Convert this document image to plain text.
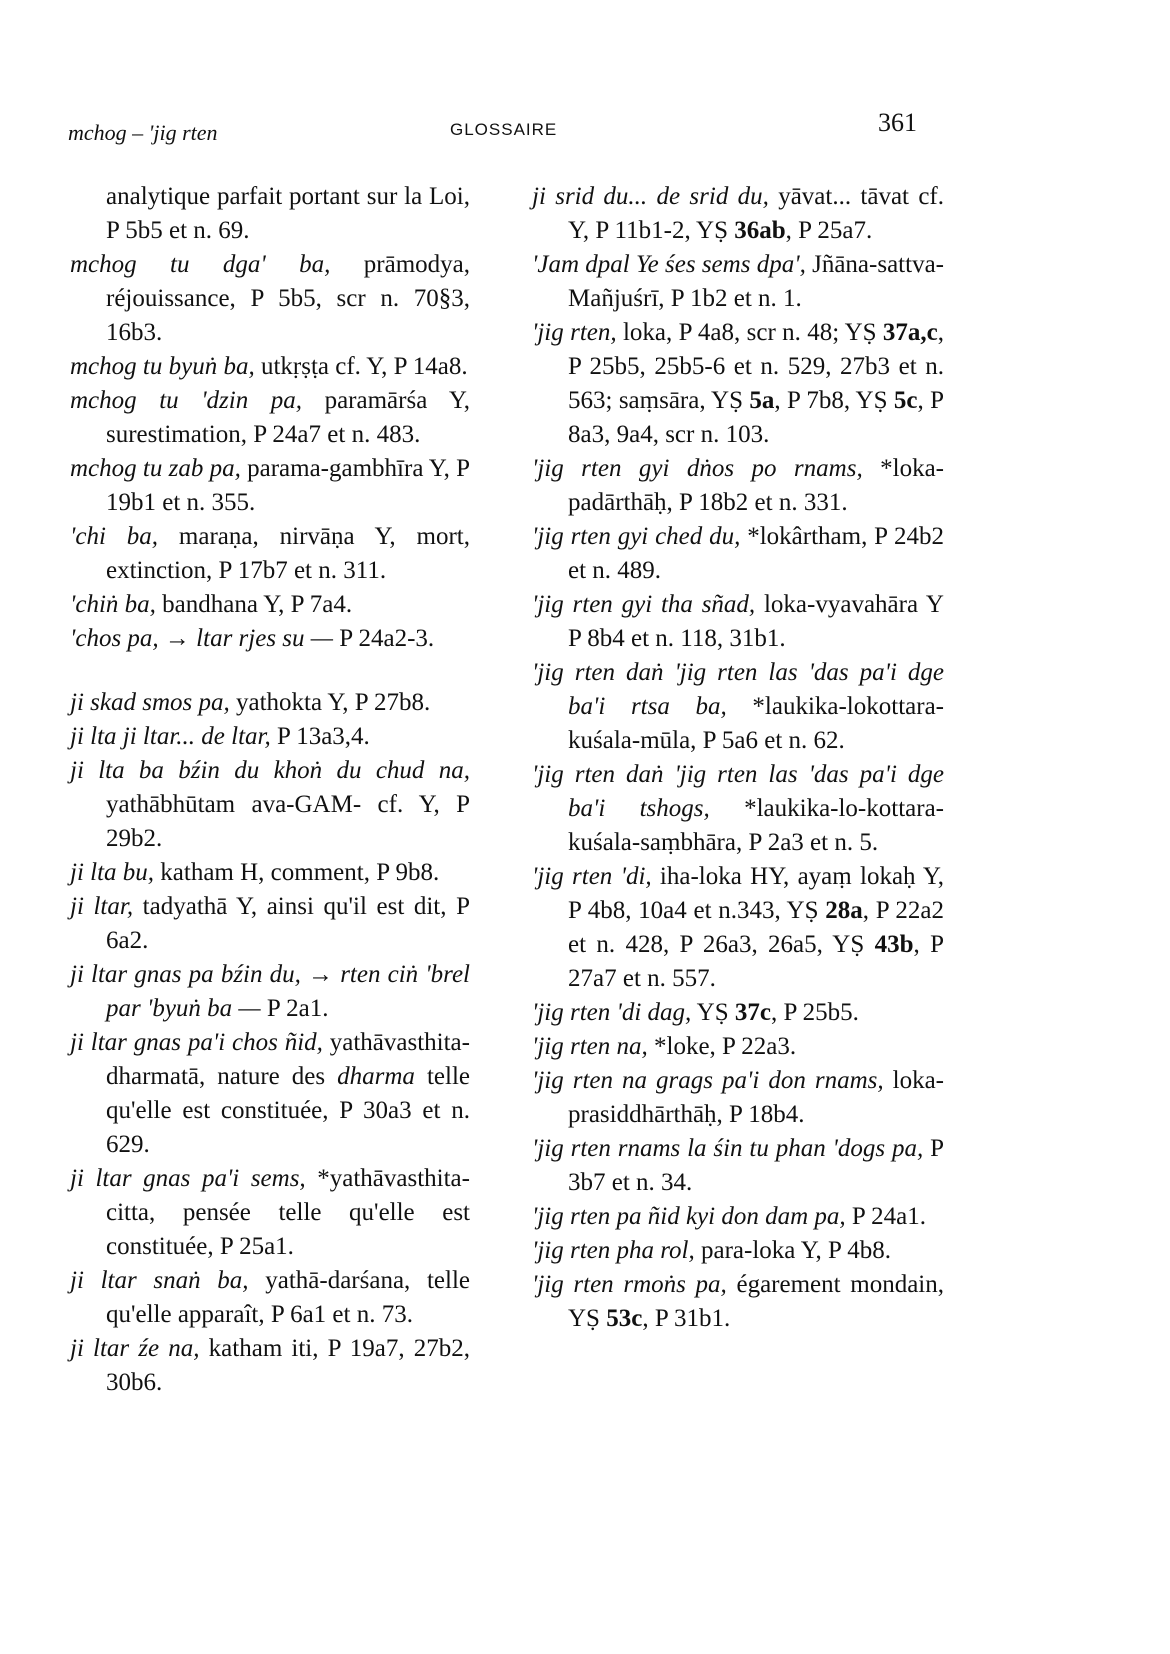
mchog – 'jig rten	GLOSSAIRE	361
analytique parfait portant sur la Loi, P 5b5 et n. 69.
mchog tu dga' ba, prāmodya, réjouissance, P 5b5, scr n. 70§3, 16b3.
mchog tu byuṅ ba, utkṛṣṭa cf. Y, P 14a8.
mchog tu 'dzin pa, paramārśa Y, surestimation, P 24a7 et n. 483.
mchog tu zab pa, parama-gambhīra Y, P 19b1 et n. 355.
'chi ba, maraṇa, nirvāṇa Y, mort, extinction, P 17b7 et n. 311.
'chiṅ ba, bandhana Y, P 7a4.
'chos pa, → ltar rjes su — P 24a2-3.
ji skad smos pa, yathokta Y, P 27b8.
ji lta ji ltar... de ltar, P 13a3,4.
ji lta ba bźin du khoṅ du chud na, yathābhūtam ava-GAM- cf. Y, P 29b2.
ji lta bu, katham H, comment, P 9b8.
ji ltar, tadyathā Y, ainsi qu'il est dit, P 6a2.
ji ltar gnas pa bźin du, → rten ciṅ 'brel par 'byuṅ ba — P 2a1.
ji ltar gnas pa'i chos ñid, yathāvasthita-dharmatā, nature des dharma telle qu'elle est constituée, P 30a3 et n. 629.
ji ltar gnas pa'i sems, *yathāvasthita-citta, pensée telle qu'elle est constituée, P 25a1.
ji ltar snaṅ ba, yathā-darśana, telle qu'elle apparaît, P 6a1 et n. 73.
ji ltar źe na, katham iti, P 19a7, 27b2, 30b6.
ji srid du... de srid du, yāvat... tāvat cf. Y, P 11b1-2, YṢ 36ab, P 25a7.
'Jam dpal Ye śes sems dpa', Jñāna-sattva-Mañjuśrī, P 1b2 et n. 1.
'jig rten, loka, P 4a8, scr n. 48; YṢ 37a,c, P 25b5, 25b5-6 et n. 529, 27b3 et n. 563; saṃsāra, YṢ 5a, P 7b8, YṢ 5c, P 8a3, 9a4, scr n. 103.
'jig rten gyi dṅos po rnams, *loka-padārthāḥ, P 18b2 et n. 331.
'jig rten gyi ched du, *lokârtham, P 24b2 et n. 489.
'jig rten gyi tha sñad, loka-vyavahāra Y P 8b4 et n. 118, 31b1.
'jig rten daṅ 'jig rten las 'das pa'i dge ba'i rtsa ba, *laukika-lokottara-kuśala-mūla, P 5a6 et n. 62.
'jig rten daṅ 'jig rten las 'das pa'i dge ba'i tshogs, *laukika-lo-kottara-kuśala-saṃbhāra, P 2a3 et n. 5.
'jig rten 'di, iha-loka HY, ayaṃ lokaḥ Y, P 4b8, 10a4 et n.343, YṢ 28a, P 22a2 et n. 428, P 26a3, 26a5, YṢ 43b, P 27a7 et n. 557.
'jig rten 'di dag, YṢ 37c, P 25b5.
'jig rten na, *loke, P 22a3.
'jig rten na grags pa'i don rnams, loka-prasiddhārthāḥ, P 18b4.
'jig rten rnams la śin tu phan 'dogs pa, P 3b7 et n. 34.
'jig rten pa ñid kyi don dam pa, P 24a1.
'jig rten pha rol, para-loka Y, P 4b8.
'jig rten rmoṅs pa, égarement mondain, YṢ 53c, P 31b1.
